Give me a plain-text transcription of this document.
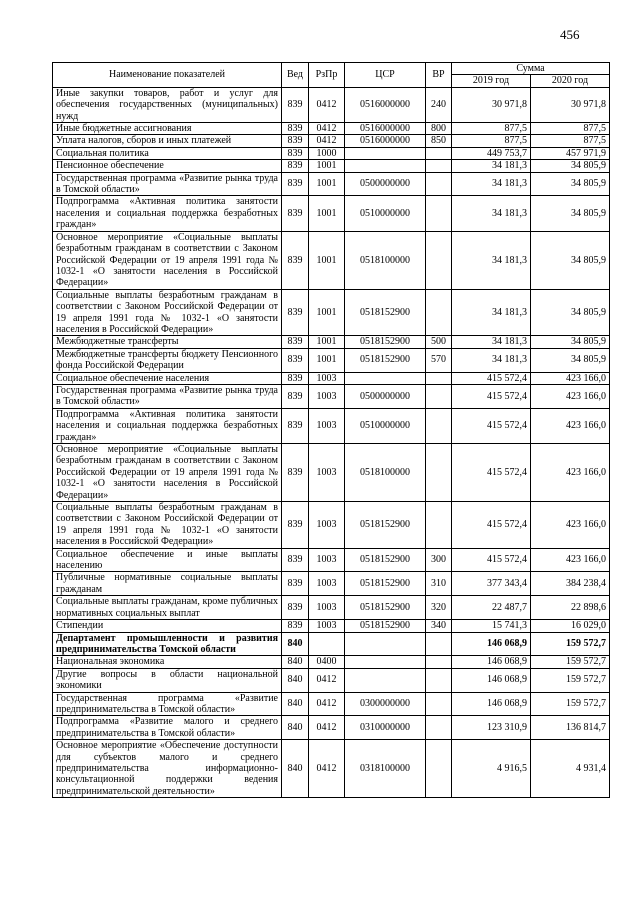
456
Наименование показателей	Вед	РзПр	ЦСР	ВР	Сумма	
					2019 год	2020 год
Иные закупки товаров, работ и услуг для обеспечения государственных (муниципальных) нужд	839	0412	0516000000	240	30 971,8	30 971,8
Иные бюджетные ассигнования	839	0412	0516000000	800	877,5	877,5
Уплата налогов, сборов и иных платежей	839	0412	0516000000	850	877,5	877,5
Социальная политика	839	1000			449 753,7	457 971,9
Пенсионное обеспечение	839	1001			34 181,3	34 805,9
Государственная программа «Развитие рынка труда в Томской области»	839	1001	0500000000		34 181,3	34 805,9
Подпрограмма «Активная политика занятости населения и социальная поддержка безработных граждан»	839	1001	0510000000		34 181,3	34 805,9
Основное мероприятие «Социальные выплаты безработным гражданам в соответствии с Законом Российской Федерации от 19 апреля 1991 года № 1032-1 «О занятости населения в Российской Федерации»	839	1001	0518100000		34 181,3	34 805,9
Социальные выплаты безработным гражданам в соответствии с Законом Российской Федерации от 19 апреля 1991 года № 1032-1 «О занятости населения в Российской Федерации»	839	1001	0518152900		34 181,3	34 805,9
Межбюджетные трансферты	839	1001	0518152900	500	34 181,3	34 805,9
Межбюджетные трансферты бюджету Пенсионного фонда Российской Федерации	839	1001	0518152900	570	34 181,3	34 805,9
Социальное обеспечение населения	839	1003			415 572,4	423 166,0
Государственная программа «Развитие рынка труда в Томской области»	839	1003	0500000000		415 572,4	423 166,0
Подпрограмма «Активная политика занятости населения и социальная поддержка безработных граждан»	839	1003	0510000000		415 572,4	423 166,0
Основное мероприятие «Социальные выплаты безработным гражданам в соответствии с Законом Российской Федерации от 19 апреля 1991 года № 1032-1 «О занятости населения в Российской Федерации»	839	1003	0518100000		415 572,4	423 166,0
Социальные выплаты безработным гражданам в соответствии с Законом Российской Федерации от 19 апреля 1991 года № 1032-1 «О занятости населения в Российской Федерации»	839	1003	0518152900		415 572,4	423 166,0
Социальное обеспечение и иные выплаты населению	839	1003	0518152900	300	415 572,4	423 166,0
Публичные нормативные социальные выплаты гражданам	839	1003	0518152900	310	377 343,4	384 238,4
Социальные выплаты гражданам, кроме публичных нормативных социальных выплат	839	1003	0518152900	320	22 487,7	22 898,6
Стипендии	839	1003	0518152900	340	15 741,3	16 029,0
Департамент промышленности и развития предпринимательства Томской области	840				146 068,9	159 572,7
Национальная экономика	840	0400			146 068,9	159 572,7
Другие вопросы в области национальной экономики	840	0412			146 068,9	159 572,7
Государственная программа «Развитие предпринимательства в Томской области»	840	0412	0300000000		146 068,9	159 572,7
Подпрограмма «Развитие малого и среднего предпринимательства в Томской области»	840	0412	0310000000		123 310,9	136 814,7
Основное мероприятие «Обеспечение доступности для субъектов малого и среднего предпринимательства информационно-консультационной поддержки ведения предпринимательской деятельности»	840	0412	0318100000		4 916,5	4 931,4
